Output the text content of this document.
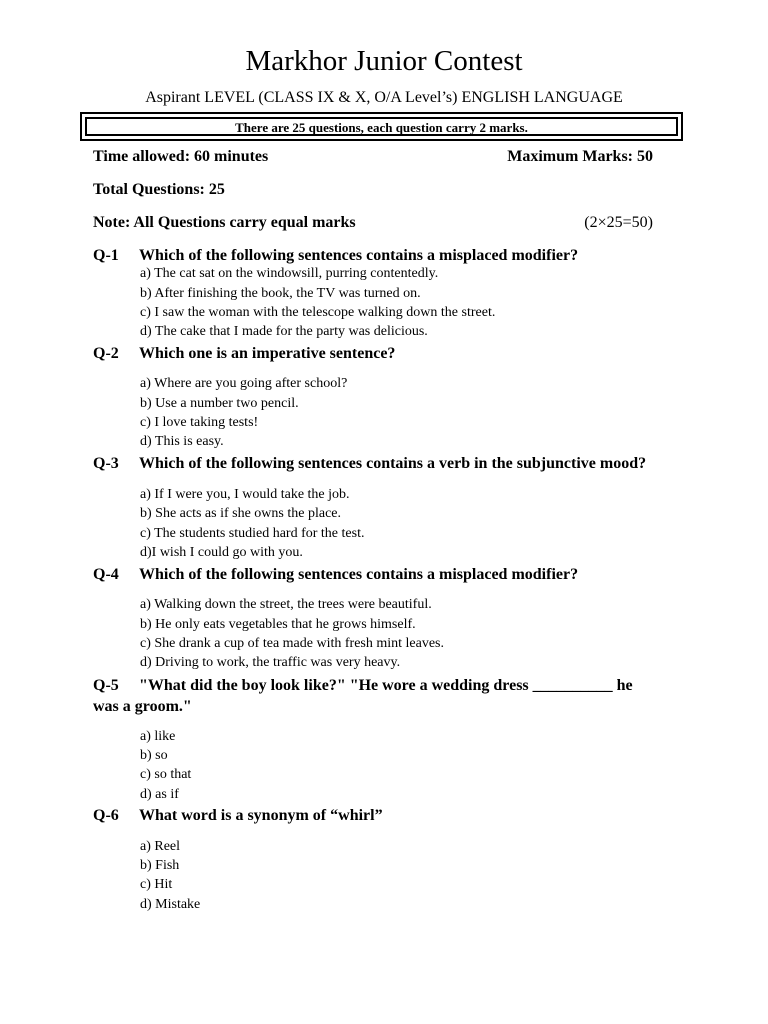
Markhor Junior Contest
Aspirant LEVEL (CLASS IX & X, O/A Level’s) ENGLISH LANGUAGE
There are 25 questions, each question carry 2 marks.
Time allowed: 60 minutes	Maximum Marks: 50
Total Questions: 25
Note: All Questions carry equal marks	(2×25=50)
Q-1 Which of the following sentences contains a misplaced modifier?
a) The cat sat on the windowsill, purring contentedly.
b) After finishing the book, the TV was turned on.
c) I saw the woman with the telescope walking down the street.
d) The cake that I made for the party was delicious.
Q-2 Which one is an imperative sentence?
a) Where are you going after school?
b) Use a number two pencil.
c) I love taking tests!
d) This is easy.
Q-3 Which of the following sentences contains a verb in the subjunctive mood?
a) If I were you, I would take the job.
b) She acts as if she owns the place.
c) The students studied hard for the test.
d)I wish I could go with you.
Q-4 Which of the following sentences contains a misplaced modifier?
a) Walking down the street, the trees were beautiful.
b) He only eats vegetables that he grows himself.
c) She drank a cup of tea made with fresh mint leaves.
d) Driving to work, the traffic was very heavy.
Q-5 "What did the boy look like?" "He wore a wedding dress __________ he
was a groom."
a) like
b) so
c) so that
d) as if
Q-6 What word is a synonym of “whirl”
a) Reel
b) Fish
c) Hit
d) Mistake
